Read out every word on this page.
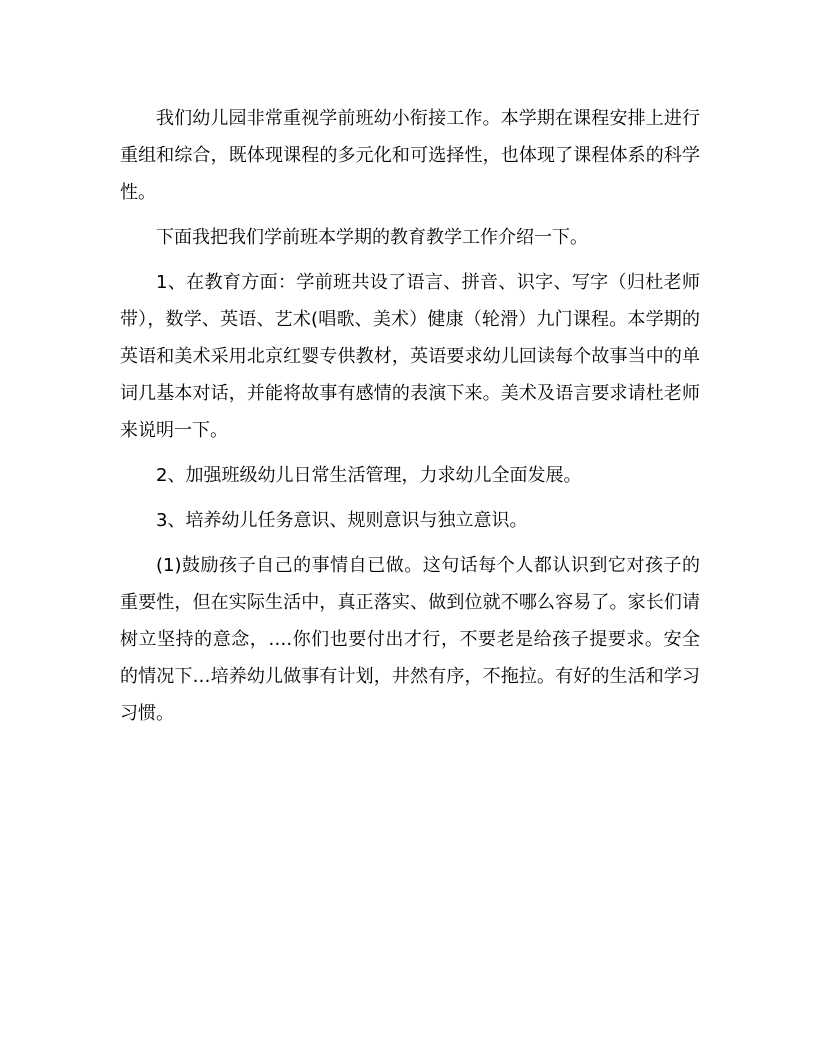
我们幼儿园非常重视学前班幼小衔接工作。本学期在课程安排上进行重组和综合，既体现课程的多元化和可选择性，也体现了课程体系的科学性。

下面我把我们学前班本学期的教育教学工作介绍一下。

1、在教育方面：学前班共设了语言、拼音、识字、写字（归杜老师带），数学、英语、艺术(唱歌、美术）健康（轮滑）九门课程。本学期的英语和美术采用北京红婴专供教材，英语要求幼儿回读每个故事当中的单词几基本对话，并能将故事有感情的表演下来。美术及语言要求请杜老师来说明一下。

2、加强班级幼儿日常生活管理，力求幼儿全面发展。

3、培养幼儿任务意识、规则意识与独立意识。

(1)鼓励孩子自己的事情自已做。这句话每个人都认识到它对孩子的重要性，但在实际生活中，真正落实、做到位就不哪么容易了。家长们请树立坚持的意念，….你们也要付出才行，不要老是给孩子提要求。安全的情况下…培养幼儿做事有计划，井然有序，不拖拉。有好的生活和学习习惯。
